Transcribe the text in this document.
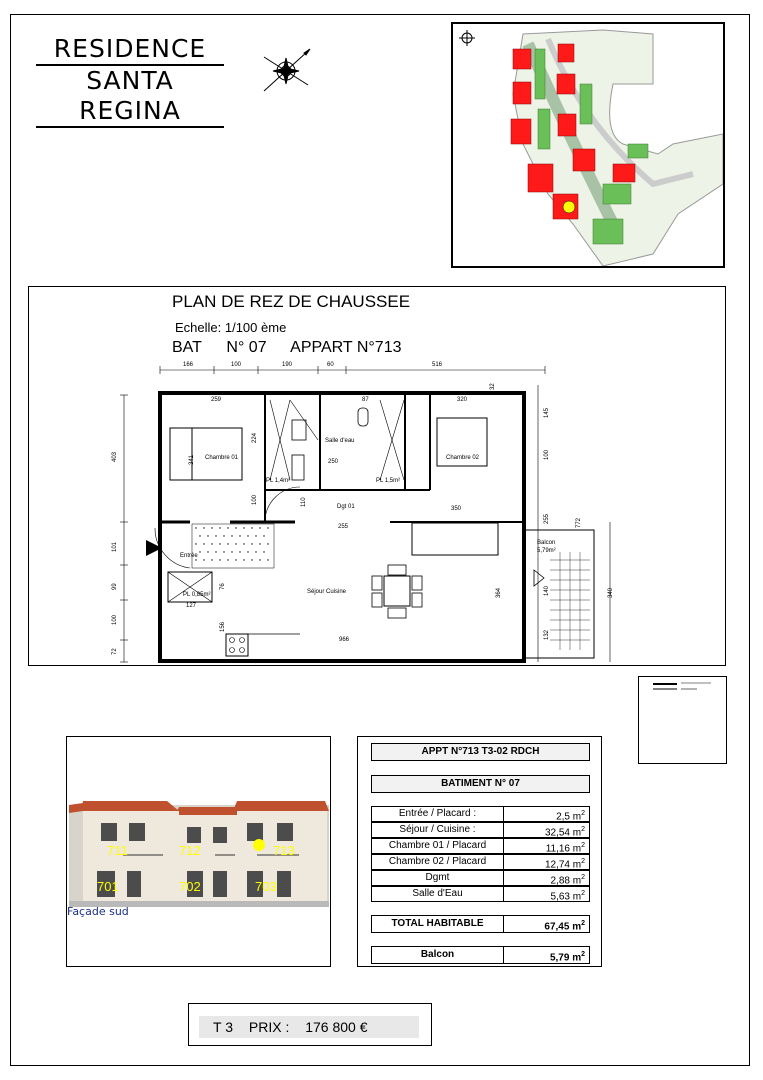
RESIDENCE
SANTA REGINA
PLAN DE REZ DE CHAUSSEE
Echelle: 1/100 ème
BAT N° 07 APPART N°713
166	100	190	60	516
403
101
99
100
72
145
100
255	772
140	340
364
132
32
259	87	320
250
110
255
350
127
966
224
341
100
76
156
Chambre 01	Chambre 02
Salle d'eau
Dgt 01
Entrée
Séjour Cuisine
Balcon
5,79m²
PL 1,4m²	PL 1,5m²
PL 0,85m²
711	712	713
701	702	703
Façade sud
APPT N°713 T3-02 RDCH
BATIMENT N° 07
Entrée / Placard :	2,5 $m^2$
Séjour / Cuisine :	32,54 $m^2$
Chambre 01 / Placard	11,16 $m^2$
Chambre 02 / Placard	12,74 $m^2$
Dgmt	2,88 $m^2$
Salle d'Eau	5,63 $m^2$
TOTAL HABITABLE	67,45 $m^2$
Balcon	5,79 $m^2$
T 3 PRIX : 176 800 €
